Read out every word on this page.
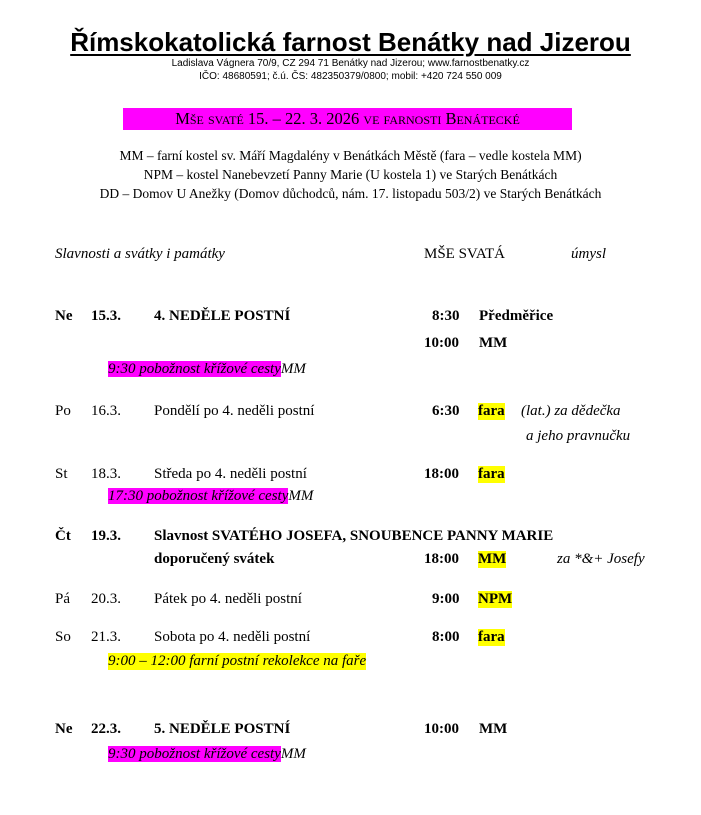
Římskokatolická farnost Benátky nad Jizerou
Ladislava Vágnera 70/9, CZ 294 71 Benátky nad Jizerou; www.farnostbenatky.cz
IČO: 48680591; č.ú. ČS: 482350379/0800; mobil: +420 724 550 009
Mše svaté 15. – 22. 3. 2026 ve farnosti Benátecké
MM – farní kostel sv. Máří Magdalény v Benátkách Městě (fara – vedle kostela MM)
NPM – kostel Nanebevzetí Panny Marie (U kostela 1) ve Starých Benátkách
DD – Domov U Anežky (Domov důchodců, nám. 17. listopadu 503/2) ve Starých Benátkách
Slavnosti a svátky i památky	MŠE SVATÁ	úmysl
Ne 15.3. 4. NEDĚLE POSTNÍ	8:30 Předměřice
10:00 MM
9:30 pobožnost křížové cestyMM
Po 16.3. Pondělí po 4. neděli postní	6:30 fara (lat.) za dědečka
a jeho pravnučku
St 18.3. Středa po 4. neděli postní	18:00 fara
17:30 pobožnost křížové cestyMM
Čt 19.3. Slavnost SVATÉHO JOSEFA, SNOUBENCE PANNY MARIE
doporučený svátek	18:00 MM	za *&+ Josefy
Pá 20.3. Pátek po 4. neděli postní	9:00 NPM
So 21.3. Sobota po 4. neděli postní	8:00 fara
9:00 – 12:00 farní postní rekolekce na faře
Ne 22.3. 5. NEDĚLE POSTNÍ	10:00 MM
9:30 pobožnost křížové cestyMM
